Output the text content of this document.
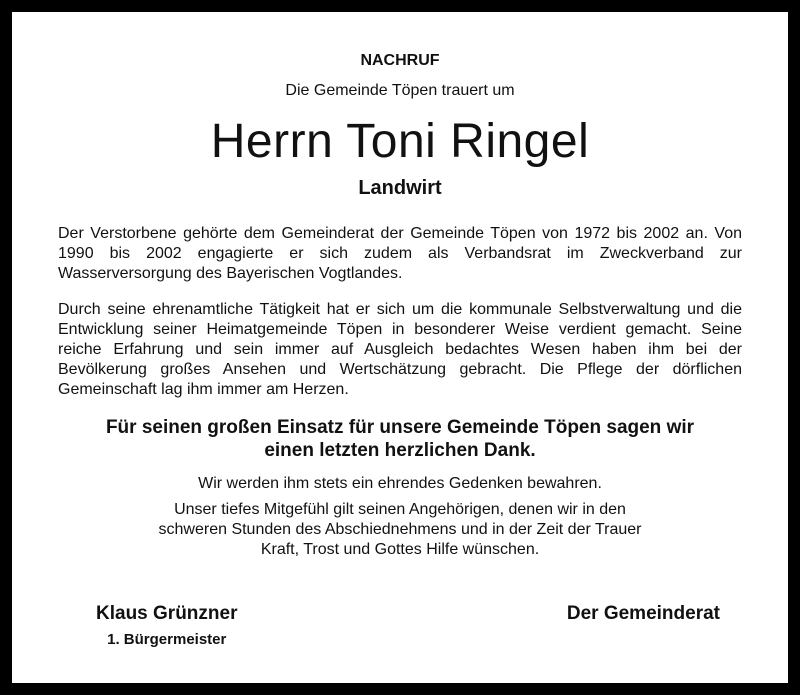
NACHRUF
Die Gemeinde Töpen trauert um
Herrn Toni Ringel
Landwirt

Der Verstorbene gehörte dem Gemeinderat der Gemeinde Töpen von 1972 bis 2002 an. Von 1990 bis 2002 engagierte er sich zudem als Verbandsrat im Zweckverband zur Wasserversorgung des Bayerischen Vogtlandes.

Durch seine ehrenamtliche Tätigkeit hat er sich um die kommunale Selbstverwaltung und die Entwicklung seiner Heimatgemeinde Töpen in besonderer Weise verdient gemacht. Seine reiche Erfahrung und sein immer auf Ausgleich bedachtes Wesen haben ihm bei der Bevölkerung großes Ansehen und Wertschätzung gebracht. Die Pflege der dörflichen Gemeinschaft lag ihm immer am Herzen.

Für seinen großen Einsatz für unsere Gemeinde Töpen sagen wir
einen letzten herzlichen Dank.
Wir werden ihm stets ein ehrendes Gedenken bewahren.
Unser tiefes Mitgefühl gilt seinen Angehörigen, denen wir in den
schweren Stunden des Abschiednehmens und in der Zeit der Trauer
Kraft, Trost und Gottes Hilfe wünschen.
Klaus Grünzner
1. Bürgermeister
Der Gemeinderat
